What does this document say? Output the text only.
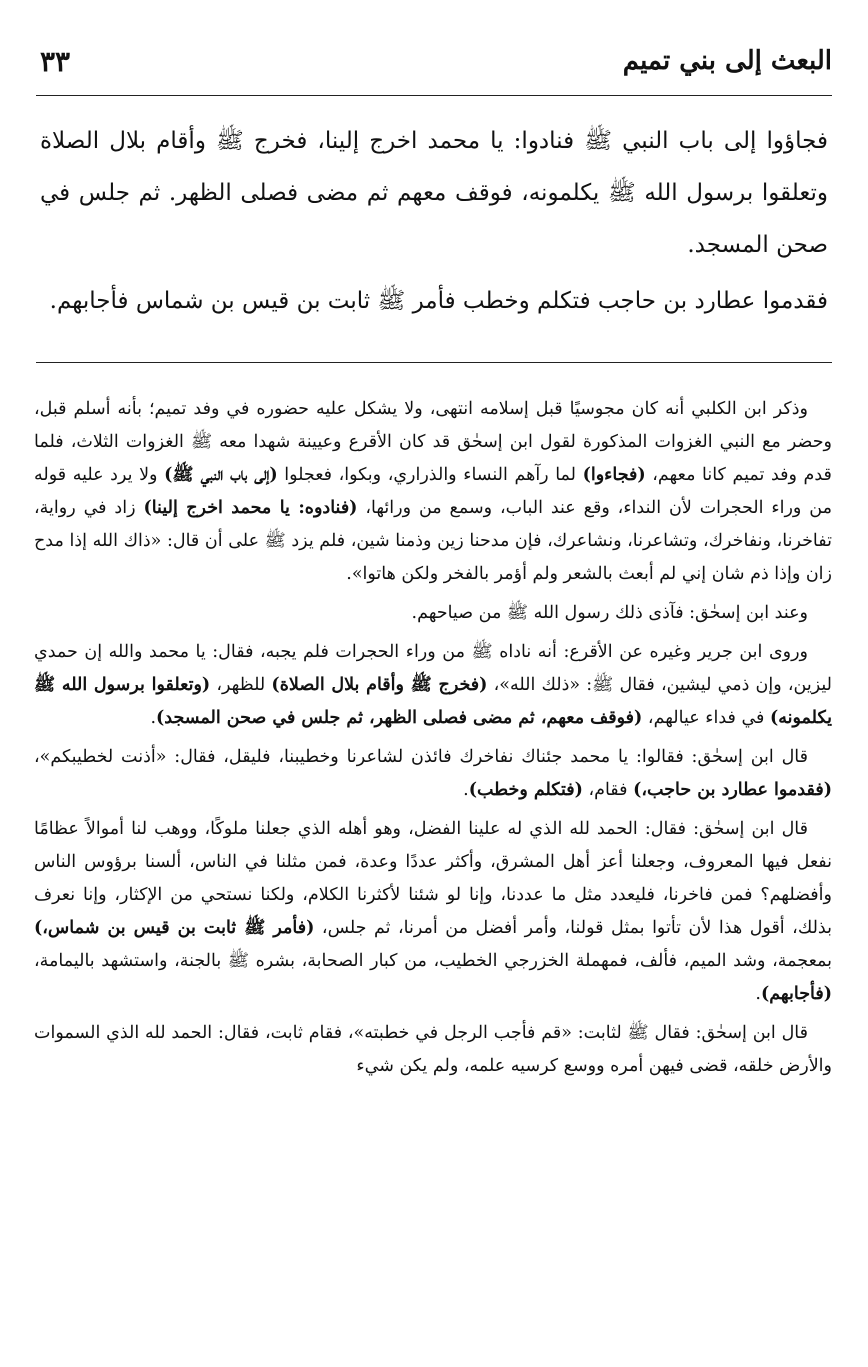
البعث إلى بني تميم
٣٣

فجاؤوا إلى باب النبي ﷺ فنادوا: يا محمد اخرج إلينا، فخرج ﷺ وأقام بلال الصلاة وتعلقوا برسول الله ﷺ يكلمونه، فوقف معهم ثم مضى فصلى الظهر. ثم جلس في صحن المسجد.

فقدموا عطارد بن حاجب فتكلم وخطب فأمر ﷺ ثابت بن قيس بن شماس فأجابهم.

وذكر ابن الكلبي أنه كان مجوسيًا قبل إسلامه انتهى، ولا يشكل عليه حضوره في وفد تميم؛ بأنه أسلم قبل، وحضر مع النبي الغزوات المذكورة لقول ابن إسحٰق قد كان الأقرع وعيينة شهدا معه ﷺ الغزوات الثلاث، فلما قدم وفد تميم كانا معهم، (فجاءوا) لما رآهم النساء والذراري، وبكوا، فعجلوا (إلى باب النبي ﷺ) ولا يرد عليه قوله من وراء الحجرات لأن النداء، وقع عند الباب، وسمع من ورائها، (فنادوه: يا محمد اخرج إلينا) زاد في رواية، تفاخرنا، ونفاخرك، وتشاعرنا، ونشاعرك، فإن مدحنا زين وذمنا شين، فلم يزد ﷺ على أن قال: «ذاك الله إذا مدح زان وإذا ذم شان إني لم أبعث بالشعر ولم أؤمر بالفخر ولكن هاتوا».

وعند ابن إسحٰق: فآذى ذلك رسول الله ﷺ من صياحهم.

وروى ابن جرير وغيره عن الأقرع: أنه ناداه ﷺ من وراء الحجرات فلم يجبه، فقال: يا محمد والله إن حمدي ليزين، وإن ذمي ليشين، فقال ﷺ: «ذلك الله»، (فخرج ﷺ وأقام بلال الصلاة) للظهر، (وتعلقوا برسول الله ﷺ يكلمونه) في فداء عيالهم، (فوقف معهم، ثم مضى فصلى الظهر، ثم جلس في صحن المسجد).

قال ابن إسحٰق: فقالوا: يا محمد جئناك نفاخرك فائذن لشاعرنا وخطيبنا، فليقل، فقال: «أذنت لخطيبكم»، (فقدموا عطارد بن حاجب،) فقام، (فتكلم وخطب).

قال ابن إسحٰق: فقال: الحمد لله الذي له علينا الفضل، وهو أهله الذي جعلنا ملوكًا، ووهب لنا أموالاً عظامًا نفعل فيها المعروف، وجعلنا أعز أهل المشرق، وأكثر عددًا وعدة، فمن مثلنا في الناس، ألسنا برؤوس الناس وأفضلهم؟ فمن فاخرنا، فليعدد مثل ما عددنا، وإنا لو شئنا لأكثرنا الكلام، ولكنا نستحي من الإكثار، وإنا نعرف بذلك، أقول هذا لأن تأتوا بمثل قولنا، وأمر أفضل من أمرنا، ثم جلس، (فأمر ﷺ ثابت بن قيس بن شماس،) بمعجمة، وشد الميم، فألف، فمهملة الخزرجي الخطيب، من كبار الصحابة، بشره ﷺ بالجنة، واستشهد باليمامة، (فأجابهم).

قال ابن إسحٰق: فقال ﷺ لثابت: «قم فأجب الرجل في خطبته»، فقام ثابت، فقال: الحمد لله الذي السموات والأرض خلقه، قضى فيهن أمره ووسع كرسيه علمه، ولم يكن شيء
